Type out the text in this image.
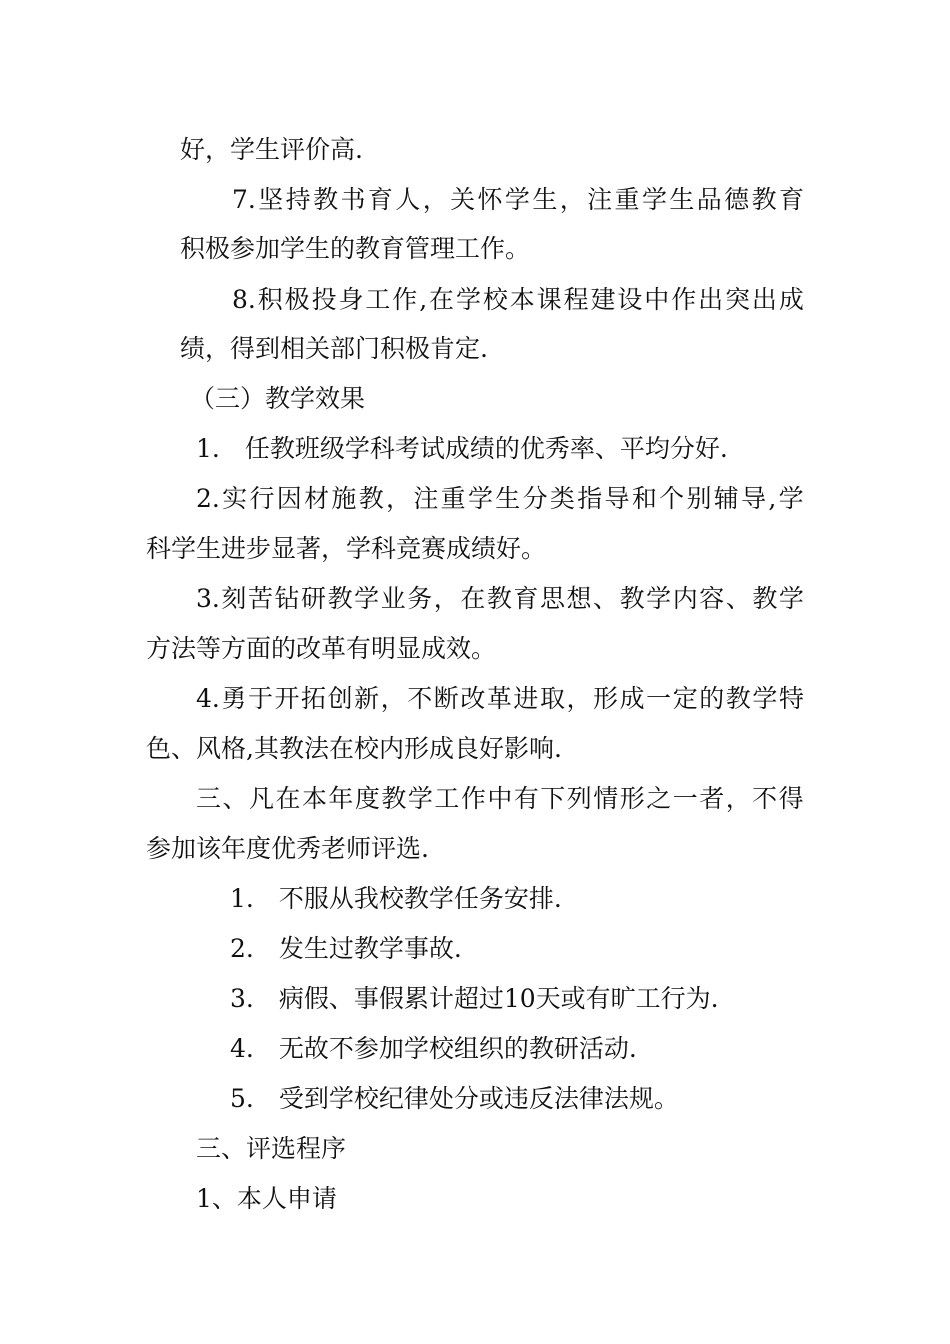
好，学生评价高.
7. 坚 持 教 书 育 人 ， 关 怀 学 生 ， 注 重 学 生 品 德 教 育
积极参加学生的教育管理工作。
8. 积 极 投 身 工 作 , 在 学 校 本 课 程 建 设 中 作 出 突 出 成
绩，得到相关部门积极肯定.
（三）教学效果
1.　任教班级学科考试成绩的优秀率、平均分好.
2. 实 行 因 材 施 教 ， 注 重 学 生 分 类 指 导 和 个 别 辅 导 , 学
科学生进步显著，学科竞赛成绩好。
3. 刻 苦 钻 研 教 学 业 务 ， 在 教 育 思 想 、 教 学 内 容 、 教 学
方法等方面的改革有明显成效。
4. 勇 于 开 拓 创 新 ， 不 断 改 革 进 取 ， 形 成 一 定 的 教 学 特
色、风格,其教法在校内形成良好影响.
三 、 凡 在 本 年 度 教 学 工 作 中 有 下 列 情 形 之 一 者 ， 不 得
参加该年度优秀老师评选.
1.　不服从我校教学任务安排.
2.　发生过教学事故.
3.　病假、事假累计超过10天或有旷工行为.
4.　无故不参加学校组织的教研活动.
5.　受到学校纪律处分或违反法律法规。
三、评选程序
1、本人申请
